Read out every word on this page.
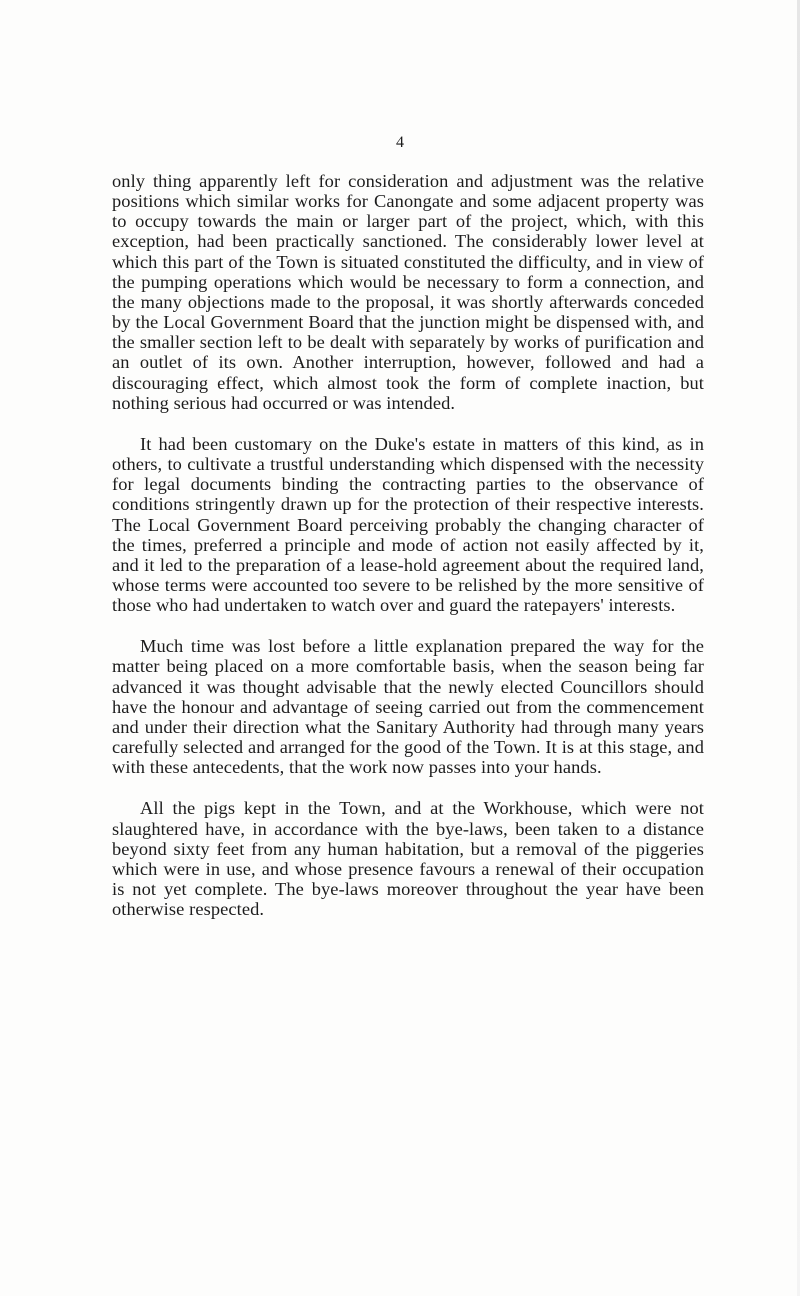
4

only thing apparently left for consideration and adjustment was the relative positions which similar works for Canongate and some adjacent property was to occupy towards the main or larger part of the project, which, with this exception, had been practically sanctioned. The considerably lower level at which this part of the Town is situated constituted the difficulty, and in view of the pumping operations which would be necessary to form a connection, and the many objections made to the proposal, it was shortly afterwards conceded by the Local Government Board that the junction might be dispensed with, and the smaller section left to be dealt with separately by works of purification and an outlet of its own. Another interruption, however, followed and had a discouraging effect, which almost took the form of complete inaction, but nothing serious had occurred or was intended.

It had been customary on the Duke's estate in matters of this kind, as in others, to cultivate a trustful understanding which dispensed with the necessity for legal documents binding the contracting parties to the observance of conditions stringently drawn up for the protection of their respective interests. The Local Government Board perceiving probably the changing character of the times, preferred a principle and mode of action not easily affected by it, and it led to the preparation of a lease-hold agreement about the required land, whose terms were accounted too severe to be relished by the more sensitive of those who had undertaken to watch over and guard the ratepayers' interests.

Much time was lost before a little explanation prepared the way for the matter being placed on a more comfortable basis, when the season being far advanced it was thought advisable that the newly elected Councillors should have the honour and advantage of seeing carried out from the commencement and under their direction what the Sanitary Authority had through many years carefully selected and arranged for the good of the Town. It is at this stage, and with these antecedents, that the work now passes into your hands.

All the pigs kept in the Town, and at the Workhouse, which were not slaughtered have, in accordance with the bye-laws, been taken to a distance beyond sixty feet from any human habitation, but a removal of the piggeries which were in use, and whose presence favours a renewal of their occupation is not yet complete. The bye-laws moreover throughout the year have been otherwise respected.
